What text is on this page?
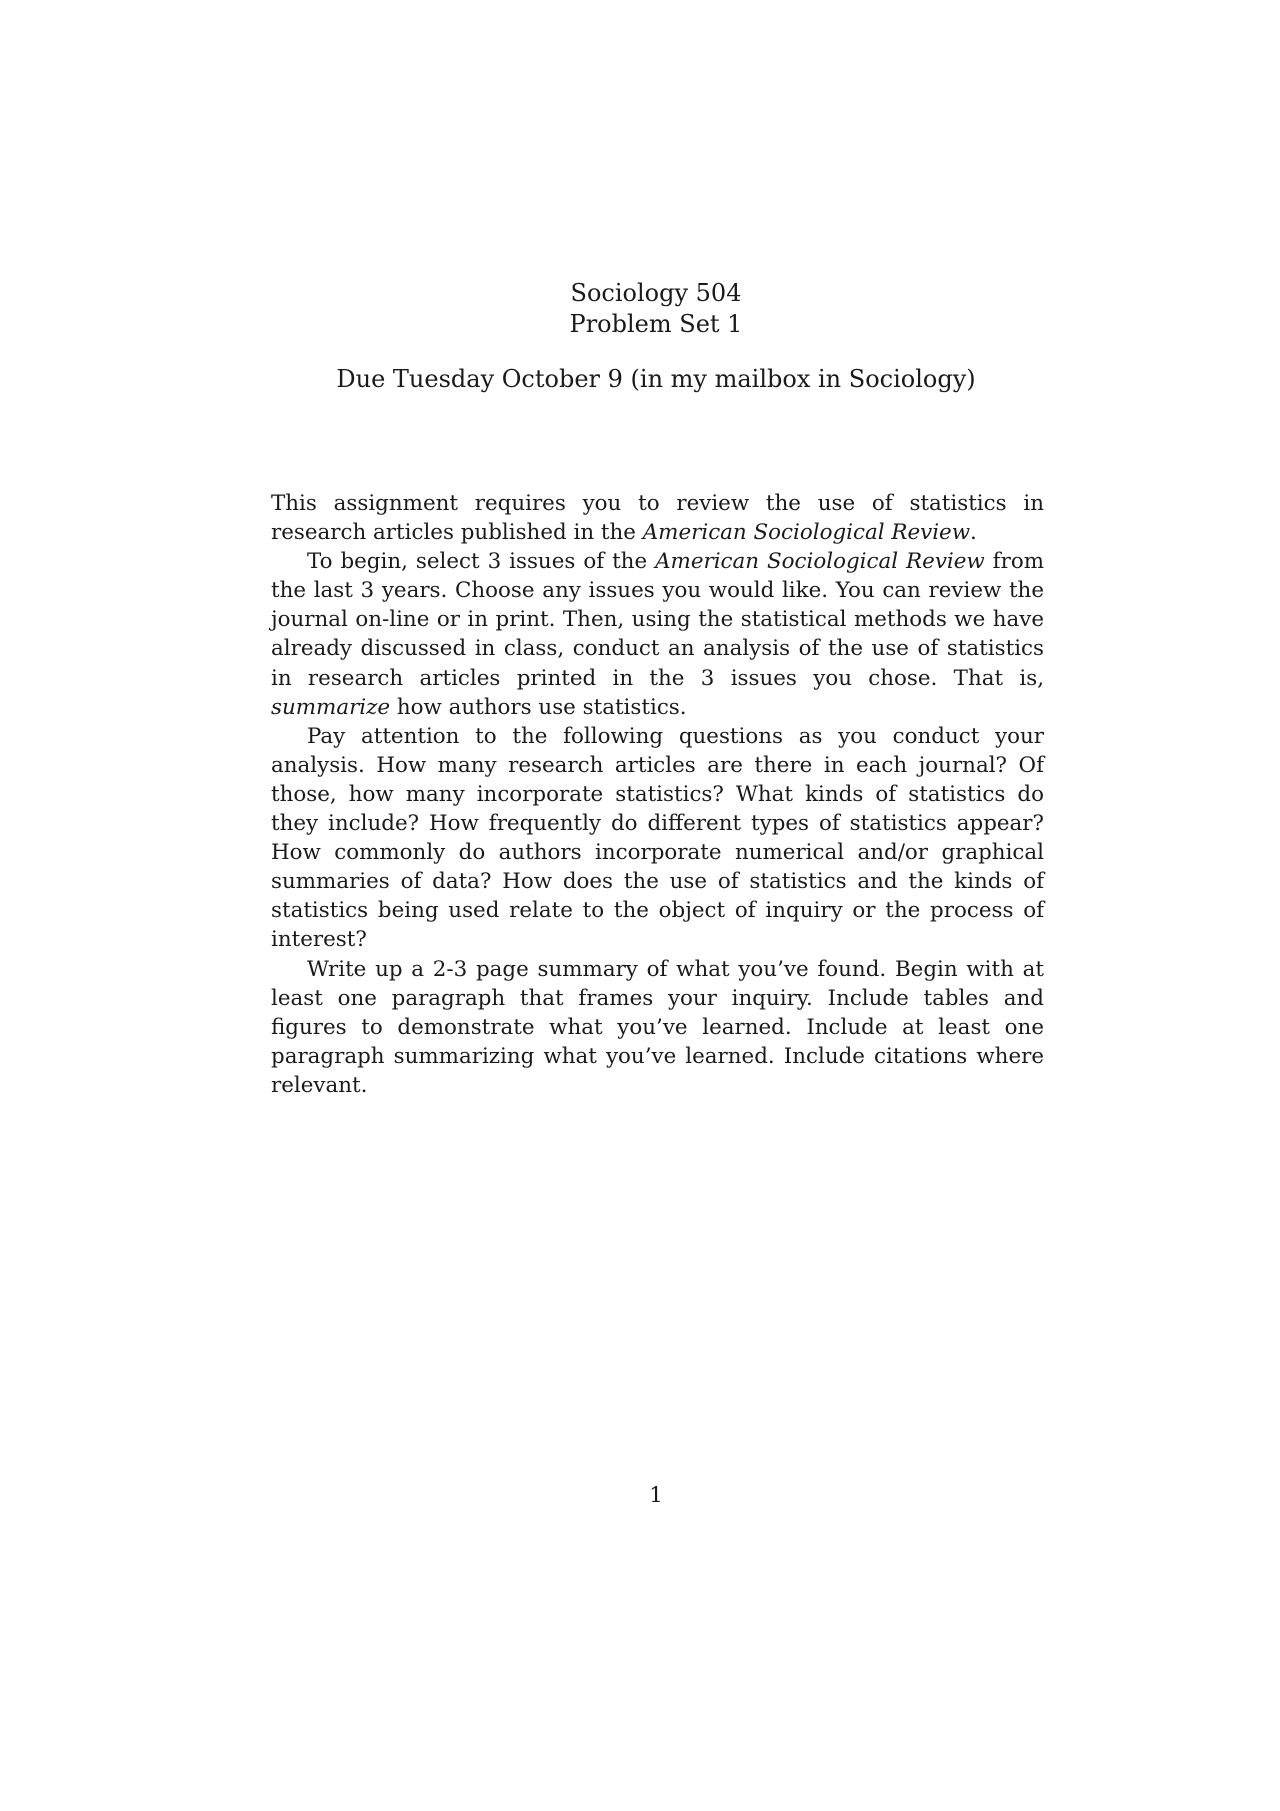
Sociology 504
Problem Set 1
Due Tuesday October 9 (in my mailbox in Sociology)

This assignment requires you to review the use of statistics in research articles published in the American Sociological Review.

To begin, select 3 issues of the American Sociological Review from the last 3 years. Choose any issues you would like. You can review the journal on-line or in print. Then, using the statistical methods we have already discussed in class, conduct an analysis of the use of statistics in research articles printed in the 3 issues you chose. That is, summarize how authors use statistics.

Pay attention to the following questions as you conduct your analysis. How many research articles are there in each journal? Of those, how many incorporate statistics? What kinds of statistics do they include? How frequently do different types of statistics appear? How commonly do authors incorporate numerical and/or graphical summaries of data? How does the use of statistics and the kinds of statistics being used relate to the object of inquiry or the process of interest?

Write up a 2-3 page summary of what you’ve found. Begin with at least one paragraph that frames your inquiry. Include tables and figures to demonstrate what you’ve learned. Include at least one paragraph summarizing what you’ve learned. Include citations where relevant.

1
